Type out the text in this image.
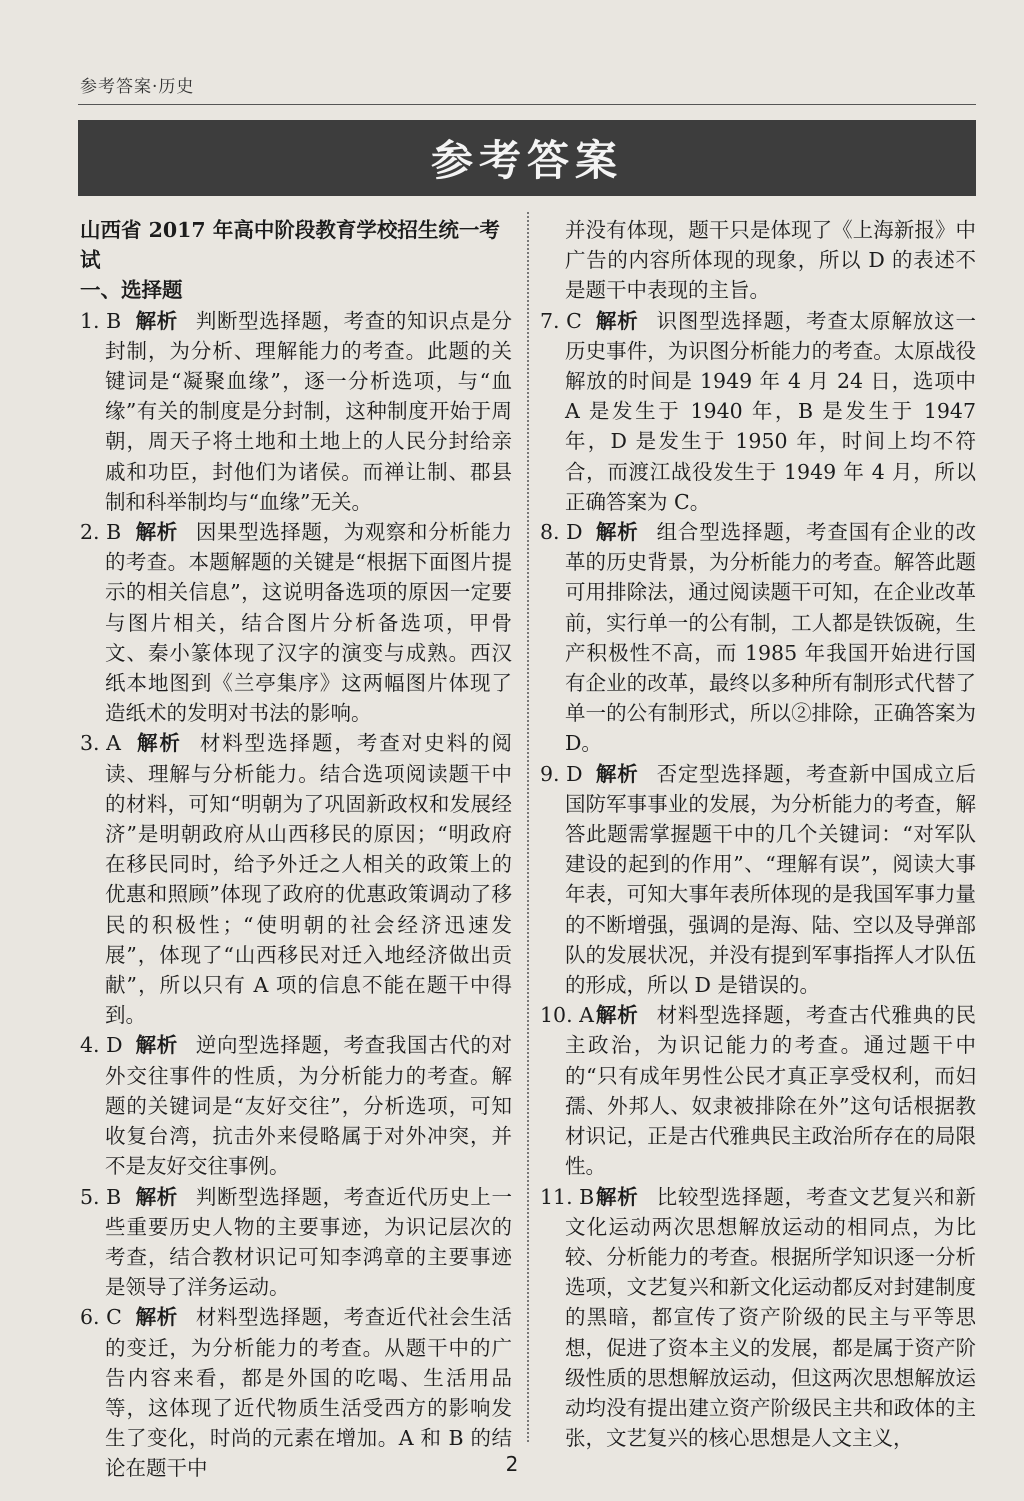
参考答案·历史
参考答案

山西省 2017 年高中阶段教育学校招生统一考试

一、选择题

1. B 解析 判断型选择题，考查的知识点是分封制，为分析、理解能力的考查。此题的关键词是“凝聚血缘”，逐一分析选项，与“血缘”有关的制度是分封制，这种制度开始于周朝，周天子将土地和土地上的人民分封给亲戚和功臣，封他们为诸侯。而禅让制、郡县制和科举制均与“血缘”无关。

2. B 解析 因果型选择题，为观察和分析能力的考查。本题解题的关键是“根据下面图片提示的相关信息”，这说明备选项的原因一定要与图片相关，结合图片分析备选项，甲骨文、秦小篆体现了汉字的演变与成熟。西汉纸本地图到《兰亭集序》这两幅图片体现了造纸术的发明对书法的影响。

3. A 解析 材料型选择题，考查对史料的阅读、理解与分析能力。结合选项阅读题干中的材料，可知“明朝为了巩固新政权和发展经济”是明朝政府从山西移民的原因；“明政府在移民同时，给予外迁之人相关的政策上的优惠和照顾”体现了政府的优惠政策调动了移民的积极性；“使明朝的社会经济迅速发展”，体现了“山西移民对迁入地经济做出贡献”，所以只有 A 项的信息不能在题干中得到。

4. D 解析 逆向型选择题，考查我国古代的对外交往事件的性质，为分析能力的考查。解题的关键词是“友好交往”，分析选项，可知收复台湾，抗击外来侵略属于对外冲突，并不是友好交往事例。

5. B 解析 判断型选择题，考查近代历史上一些重要历史人物的主要事迹，为识记层次的考查，结合教材识记可知李鸿章的主要事迹是领导了洋务运动。

6. C 解析 材料型选择题，考查近代社会生活的变迁，为分析能力的考查。从题干中的广告内容来看，都是外国的吃喝、生活用品等，这体现了近代物质生活受西方的影响发生了变化，时尚的元素在增加。A 和 B 的结论在题干中

并没有体现，题干只是体现了《上海新报》中广告的内容所体现的现象，所以 D 的表述不是题干中表现的主旨。

7. C 解析 识图型选择题，考查太原解放这一历史事件，为识图分析能力的考查。太原战役解放的时间是 1949 年 4 月 24 日，选项中 A 是发生于 1940 年，B 是发生于 1947 年，D 是发生于 1950 年，时间上均不符合，而渡江战役发生于 1949 年 4 月，所以正确答案为 C。

8. D 解析 组合型选择题，考查国有企业的改革的历史背景，为分析能力的考查。解答此题可用排除法，通过阅读题干可知，在企业改革前，实行单一的公有制，工人都是铁饭碗，生产积极性不高，而 1985 年我国开始进行国有企业的改革，最终以多种所有制形式代替了单一的公有制形式，所以②排除，正确答案为 D。

9. D 解析 否定型选择题，考查新中国成立后国防军事事业的发展，为分析能力的考查，解答此题需掌握题干中的几个关键词：“对军队建设的起到的作用”、“理解有误”，阅读大事年表，可知大事年表所体现的是我国军事力量的不断增强，强调的是海、陆、空以及导弹部队的发展状况，并没有提到军事指挥人才队伍的形成，所以 D 是错误的。

10. A解析 材料型选择题，考查古代雅典的民主政治，为识记能力的考查。通过题干中的“只有成年男性公民才真正享受权利，而妇孺、外邦人、奴隶被排除在外”这句话根据教材识记，正是古代雅典民主政治所存在的局限性。

11. B解析 比较型选择题，考查文艺复兴和新文化运动两次思想解放运动的相同点，为比较、分析能力的考查。根据所学知识逐一分析选项，文艺复兴和新文化运动都反对封建制度的黑暗，都宣传了资产阶级的民主与平等思想，促进了资本主义的发展，都是属于资产阶级性质的思想解放运动，但这两次思想解放运动均没有提出建立资产阶级民主共和政体的主张，文艺复兴的核心思想是人文主义，

2
